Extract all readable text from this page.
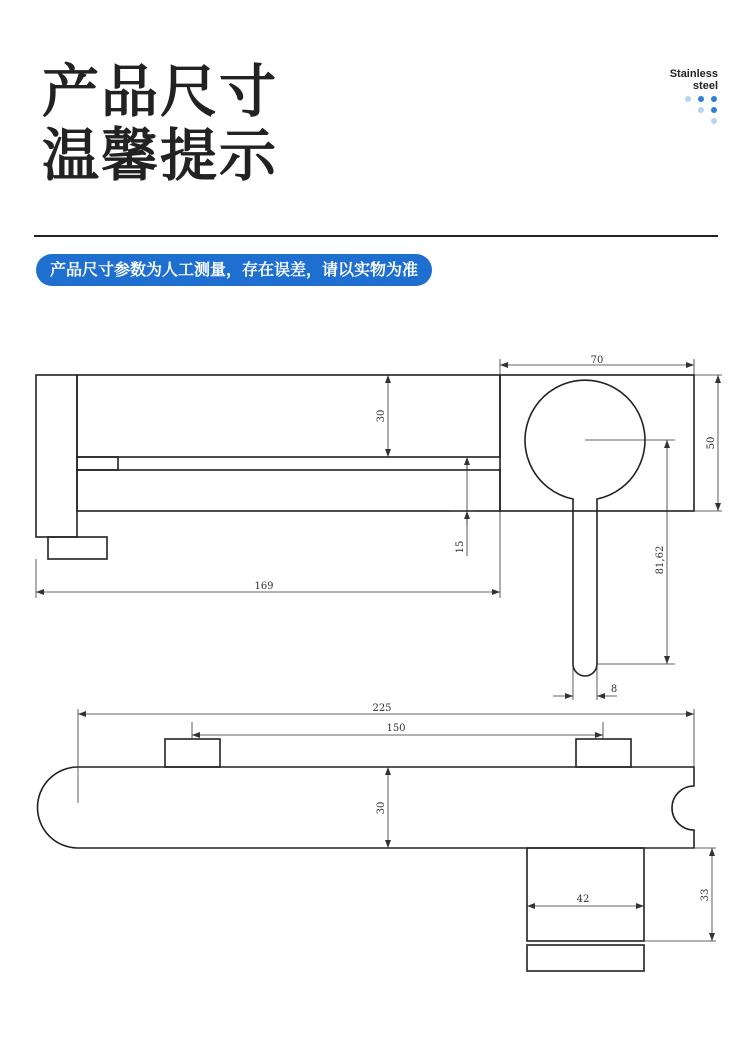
产品尺寸
温馨提示
Stainless
steel
产品尺寸参数为人工测量，存在误差，请以实物为准
70
30
50
15	81,62
169
8
225
150
30
42	33
